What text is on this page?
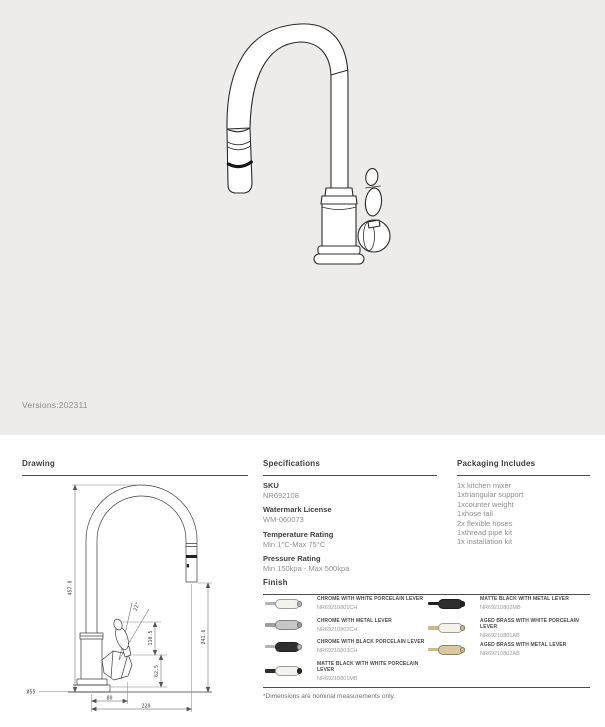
Versions:202311
Drawing
457.8
241.6
110.5
62.5
22°
Ø55
80
220
Specifications
SKU
NR692108
Watermark License
WM-060073
Temperature Rating
Min 1°C-Max 75°C
Pressure Rating
Min 150kpa - Max 500kpa
Packaging Includes
1x kitchen mixer
1xtriangular support
1xcounter weight
1xhose tail
2x flexible hoses
1xthread pipe kit
1x installation kit
Finish
CHROME WITH WHITE PORCELAIN LEVER
NR69210801CH
CHROME WITH METAL LEVER
NR69210802CH
CHROME WITH BLACK PORCELAIN LEVER
NR69210803CH
MATTE BLACK WITH WHITE PORCELAIN LEVER
NR69210801MB
MATTE BLACK WITH METAL LEVER
NR69210802MB
AGED BRASS WITH WHITE PORCELAIN LEVER
NR69210801AB
AGED BRASS WITH METAL LEVER
NR69210802AB
*Dimensions are nominal measurements only.
